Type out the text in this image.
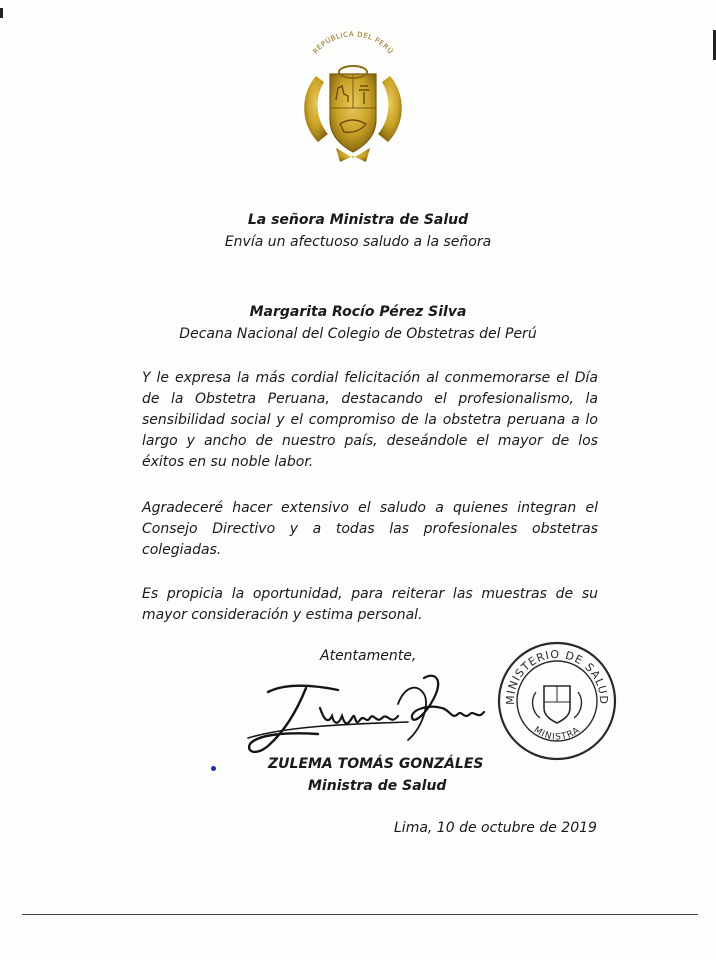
REPÚBLICA DEL PERÚ
La señora Ministra de Salud
Envía un afectuoso saludo a la señora
Margarita Rocío Pérez Silva
Decana Nacional del Colegio de Obstetras del Perú
Y le expresa la más cordial felicitación al conmemorarse el Día de la Obstetra Peruana, destacando el profesionalismo, la sensibilidad social y el compromiso de la obstetra peruana a lo largo y ancho de nuestro país, deseándole el mayor de los éxitos en su noble labor.
Agradeceré hacer extensivo el saludo a quienes integran el Consejo Directivo y a todas las profesionales obstetras colegiadas.
Es propicia la oportunidad, para reiterar las muestras de su mayor consideración y estima personal.
Atentamente,
MINISTERIO DE SALUD
MINISTRA
ZULEMA TOMÁS GONZÁLES
Ministra de Salud
Lima, 10 de octubre de 2019
